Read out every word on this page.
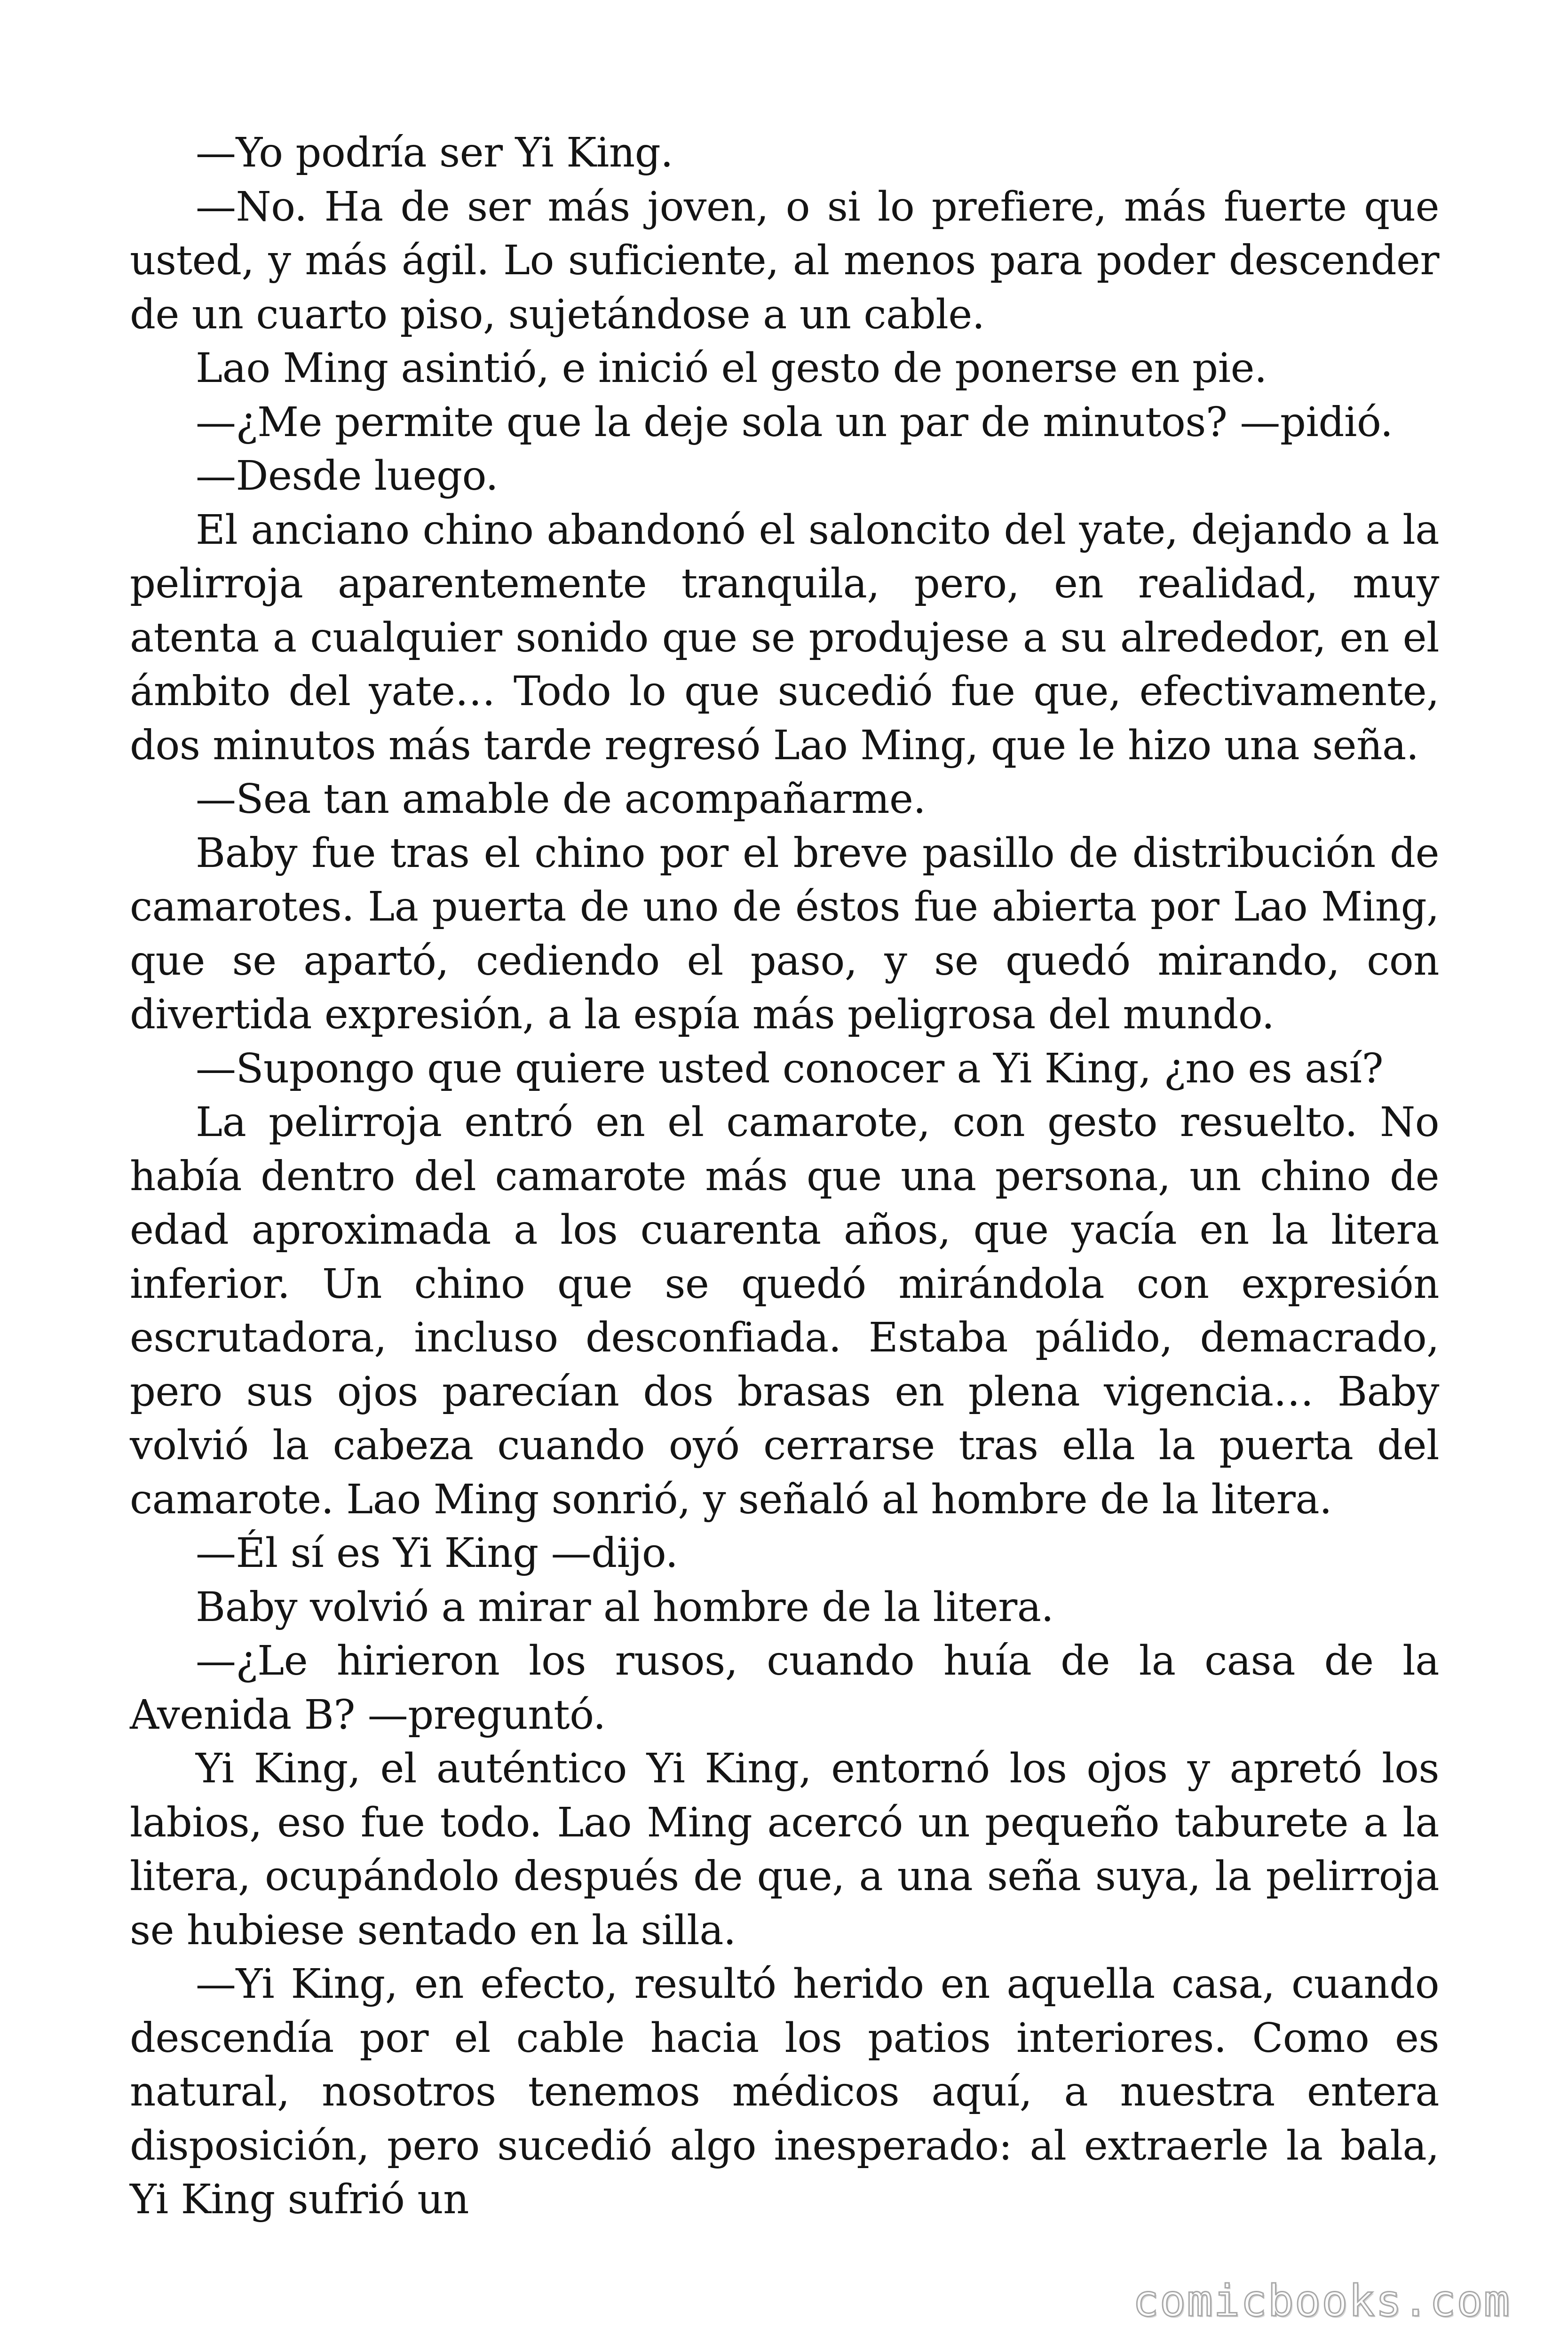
—Yo podría ser Yi King.

—No. Ha de ser más joven, o si lo prefiere, más fuerte que usted, y más ágil. Lo suficiente, al menos para poder descender de un cuarto piso, sujetándose a un cable.

Lao Ming asintió, e inició el gesto de ponerse en pie.

—¿Me permite que la deje sola un par de minutos? —pidió.

—Desde luego.

El anciano chino abandonó el saloncito del yate, dejando a la pelirroja aparentemente tranquila, pero, en realidad, muy atenta a cualquier sonido que se produjese a su alrededor, en el ámbito del yate… Todo lo que sucedió fue que, efectivamente, dos minutos más tarde regresó Lao Ming, que le hizo una seña.

—Sea tan amable de acompañarme.

Baby fue tras el chino por el breve pasillo de distribución de camarotes. La puerta de uno de éstos fue abierta por Lao Ming, que se apartó, cediendo el paso, y se quedó mirando, con divertida expresión, a la espía más peligrosa del mundo.

—Supongo que quiere usted conocer a Yi King, ¿no es así?

La pelirroja entró en el camarote, con gesto resuelto. No había dentro del camarote más que una persona, un chino de edad aproximada a los cuarenta años, que yacía en la litera inferior. Un chino que se quedó mirándola con expresión escrutadora, incluso desconfiada. Estaba pálido, demacrado, pero sus ojos parecían dos brasas en plena vigencia… Baby volvió la cabeza cuando oyó cerrarse tras ella la puerta del camarote. Lao Ming sonrió, y señaló al hombre de la litera.

—Él sí es Yi King —dijo.

Baby volvió a mirar al hombre de la litera.

—¿Le hirieron los rusos, cuando huía de la casa de la Avenida B? —preguntó.

Yi King, el auténtico Yi King, entornó los ojos y apretó los labios, eso fue todo. Lao Ming acercó un pequeño taburete a la litera, ocupándolo después de que, a una seña suya, la pelirroja se hubiese sentado en la silla.

—Yi King, en efecto, resultó herido en aquella casa, cuando descendía por el cable hacia los patios interiores. Como es natural, nosotros tenemos médicos aquí, a nuestra entera disposición, pero sucedió algo inesperado: al extraerle la bala, Yi King sufrió un

comicbooks.com
